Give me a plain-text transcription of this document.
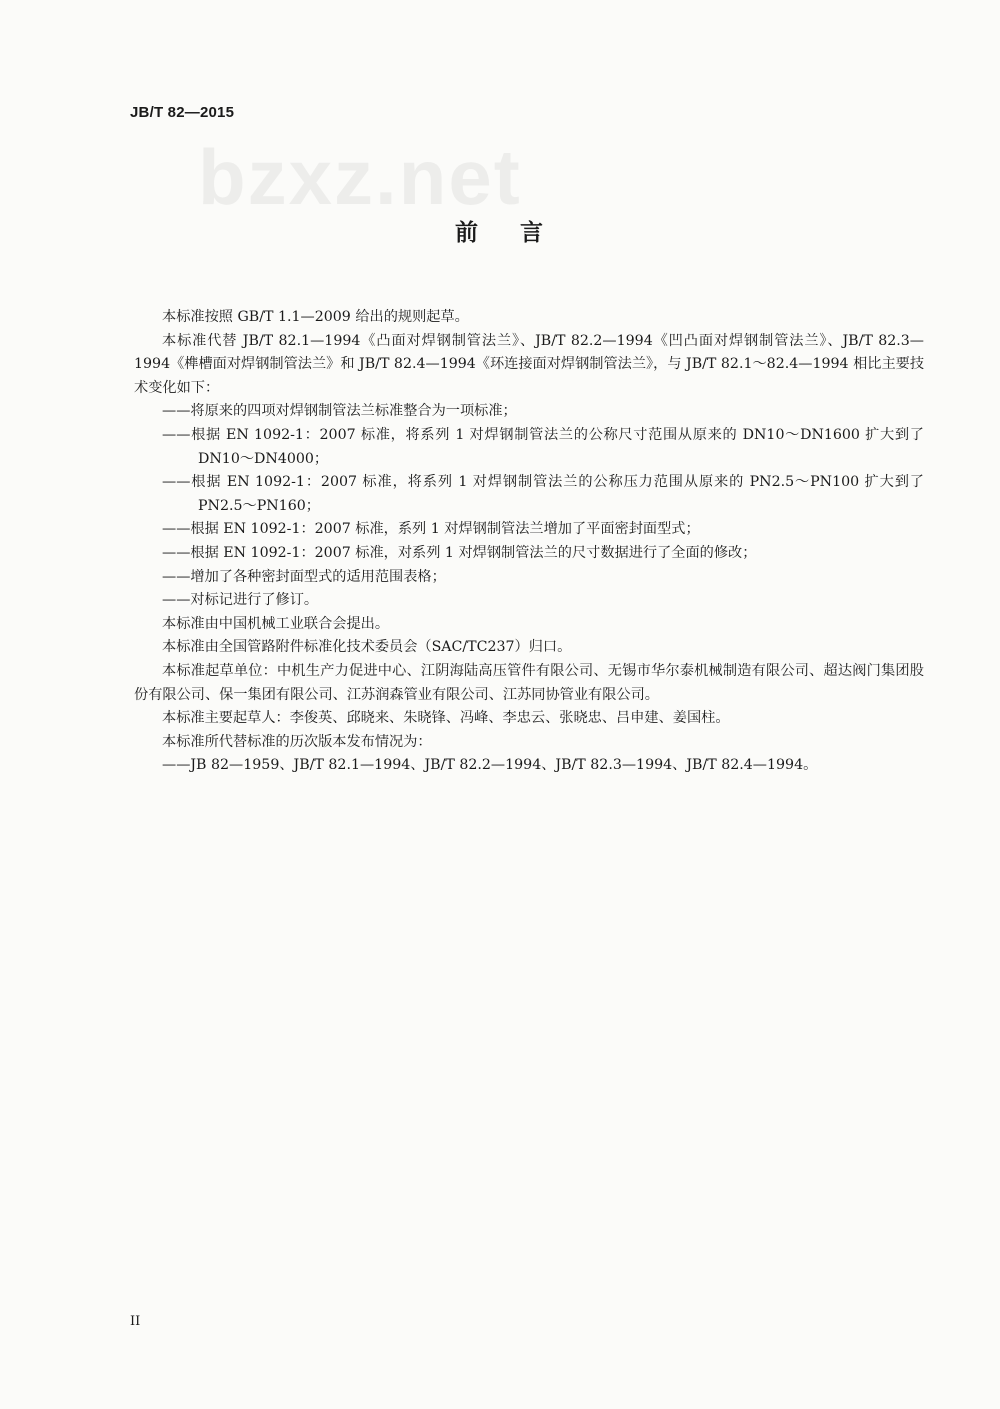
JB/T 82—2015
bzxz.net
前 言

本标准按照 GB/T 1.1—2009 给出的规则起草。

本标准代替 JB/T 82.1—1994《凸面对焊钢制管法兰》、JB/T 82.2—1994《凹凸面对焊钢制管法兰》、JB/T 82.3—1994《榫槽面对焊钢制管法兰》和 JB/T 82.4—1994《环连接面对焊钢制管法兰》，与 JB/T 82.1～82.4—1994 相比主要技术变化如下：

——将原来的四项对焊钢制管法兰标准整合为一项标准；

——根据 EN 1092-1：2007 标准，将系列 1 对焊钢制管法兰的公称尺寸范围从原来的 DN10～DN1600 扩大到了 DN10～DN4000；

——根据 EN 1092-1：2007 标准，将系列 1 对焊钢制管法兰的公称压力范围从原来的 PN2.5～PN100 扩大到了 PN2.5～PN160；

——根据 EN 1092-1：2007 标准，系列 1 对焊钢制管法兰增加了平面密封面型式；

——根据 EN 1092-1：2007 标准，对系列 1 对焊钢制管法兰的尺寸数据进行了全面的修改；

——增加了各种密封面型式的适用范围表格；

——对标记进行了修订。

本标准由中国机械工业联合会提出。

本标准由全国管路附件标准化技术委员会（SAC/TC237）归口。

本标准起草单位：中机生产力促进中心、江阴海陆高压管件有限公司、无锡市华尔泰机械制造有限公司、超达阀门集团股份有限公司、保一集团有限公司、江苏润森管业有限公司、江苏同协管业有限公司。

本标准主要起草人：李俊英、邱晓来、朱晓锋、冯峰、李忠云、张晓忠、吕申建、姜国柱。

本标准所代替标准的历次版本发布情况为：

——JB 82—1959、JB/T 82.1—1994、JB/T 82.2—1994、JB/T 82.3—1994、JB/T 82.4—1994。

II
